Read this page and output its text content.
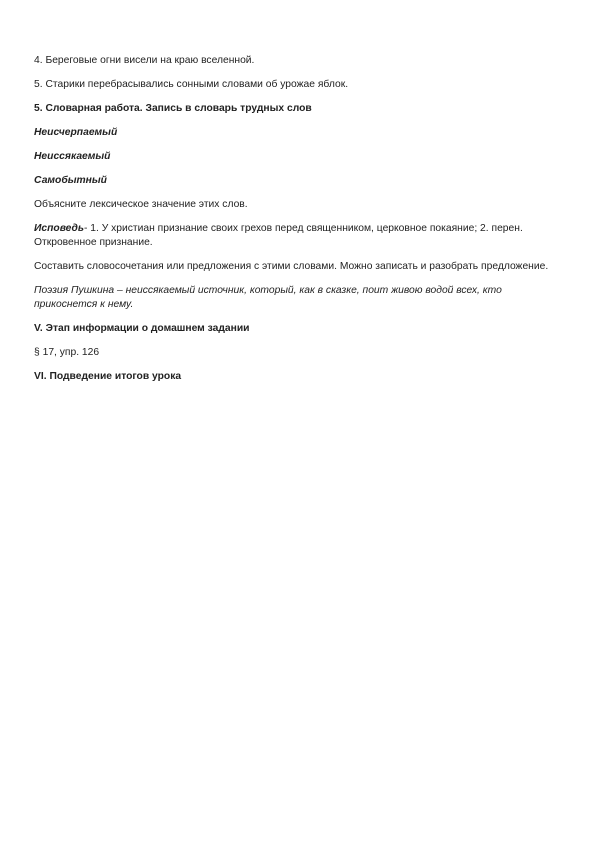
4. Береговые огни висели на краю вселенной.

5. Старики перебрасывались сонными словами об урожае яблок.

5. Словарная работа. Запись в словарь трудных слов

Неисчерпаемый

Неиссякаемый

Самобытный

Объясните лексическое значение этих слов.

Исповедь- 1. У христиан признание своих грехов перед священником, церковное покаяние; 2. перен. Откровенное признание.

Составить словосочетания или предложения с этими словами. Можно записать и разобрать предложение.

Поэзия Пушкина – неиссякаемый источник, который, как в сказке, поит живою водой всех, кто прикоснется к нему.

V. Этап информации о домашнем задании

§ 17, упр. 126

VI. Подведение итогов урока
